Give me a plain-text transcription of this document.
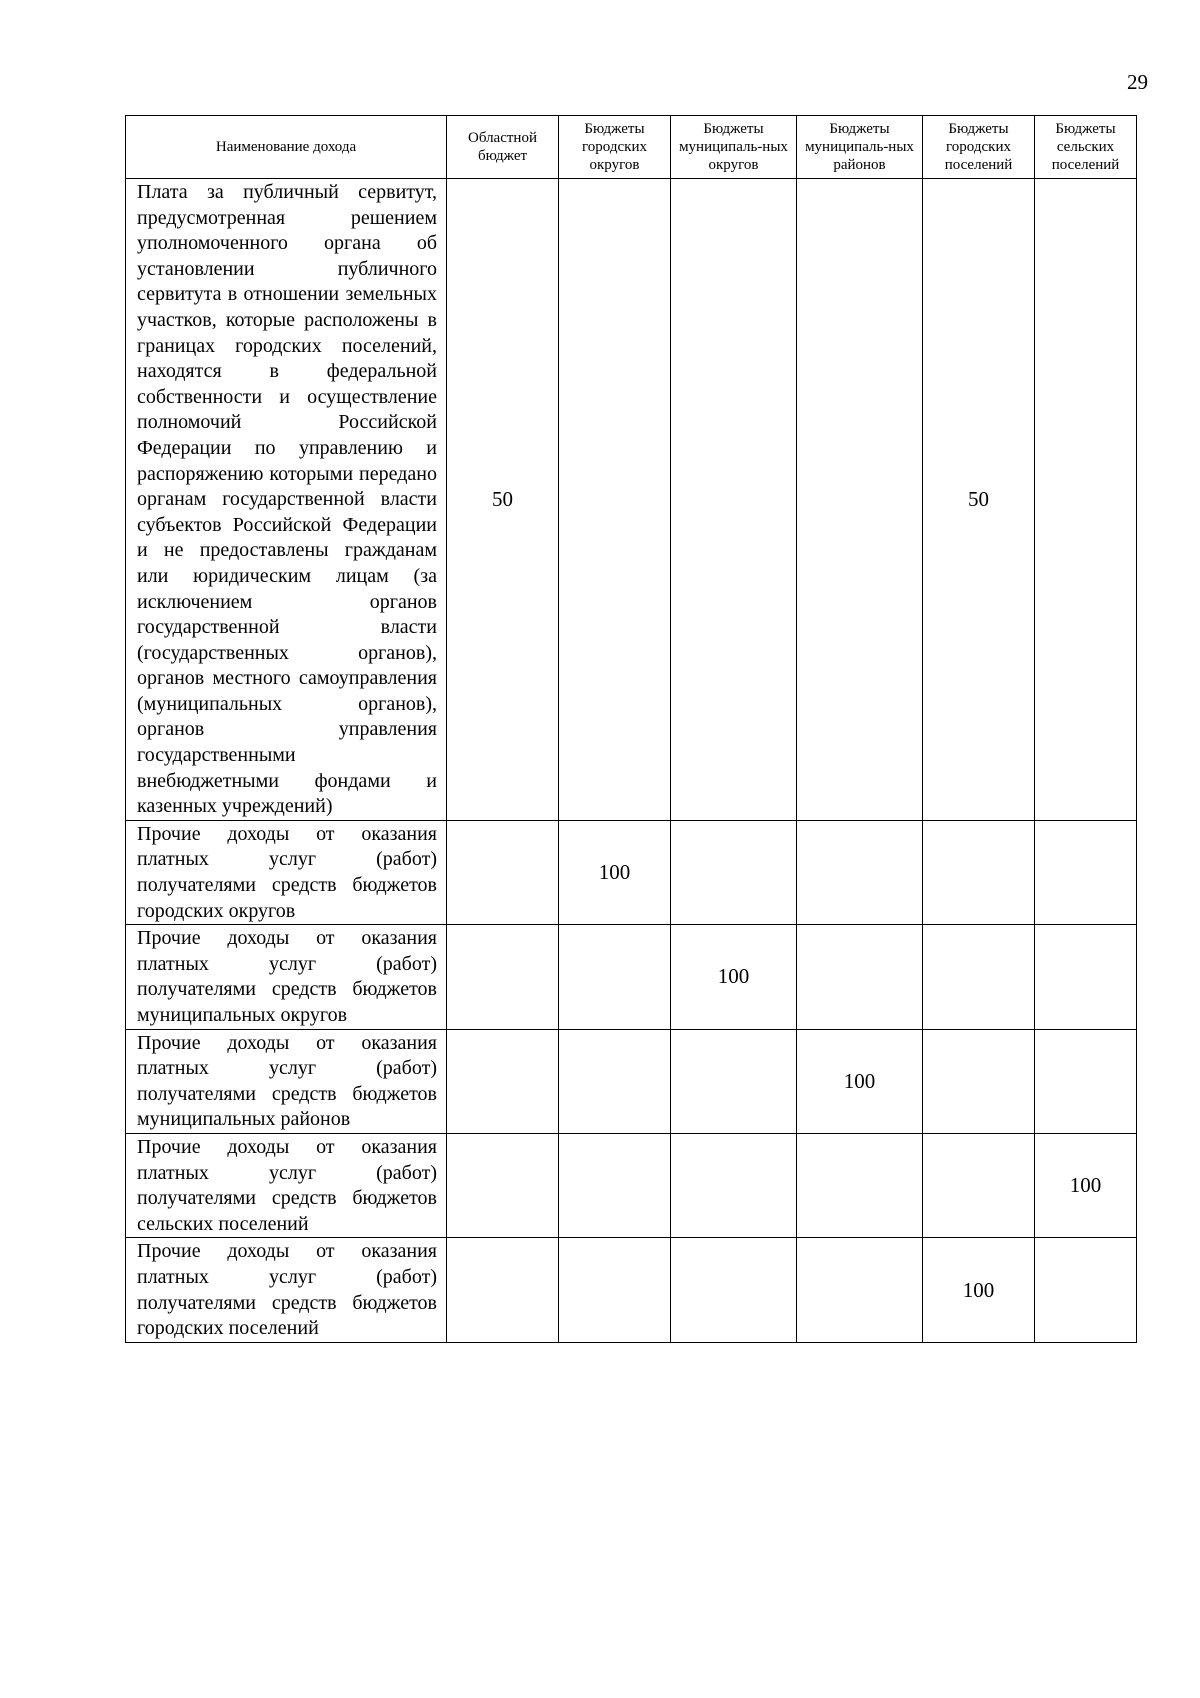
29
Наименование дохода	Областной бюджет	Бюджеты городских округов	Бюджеты муниципаль-ных округов	Бюджеты муниципаль-ных районов	Бюджеты городских поселений	Бюджеты сельских поселений
Плата за публичный сервитут, предусмотренная решением уполномоченного органа об установлении публичного сервитута в отношении земельных участков, которые расположены в границах городских поселений, находятся в федеральной собственности и осуществление полномочий Российской Федерации по управлению и распоряжению которыми передано органам государственной власти субъектов Российской Федерации и не предоставлены гражданам или юридическим лицам (за исключением органов государственной власти (государственных органов), органов местного самоуправления (муниципальных органов), органов управления государственными внебюджетными фондами и казенных учреждений)	50				50	
Прочие доходы от оказания платных услуг (работ) получателями средств бюджетов городских округов		100				
Прочие доходы от оказания платных услуг (работ) получателями средств бюджетов муниципальных округов			100			
Прочие доходы от оказания платных услуг (работ) получателями средств бюджетов муниципальных районов				100		
Прочие доходы от оказания платных услуг (работ) получателями средств бюджетов сельских поселений						100
Прочие доходы от оказания платных услуг (работ) получателями средств бюджетов городских поселений					100	
